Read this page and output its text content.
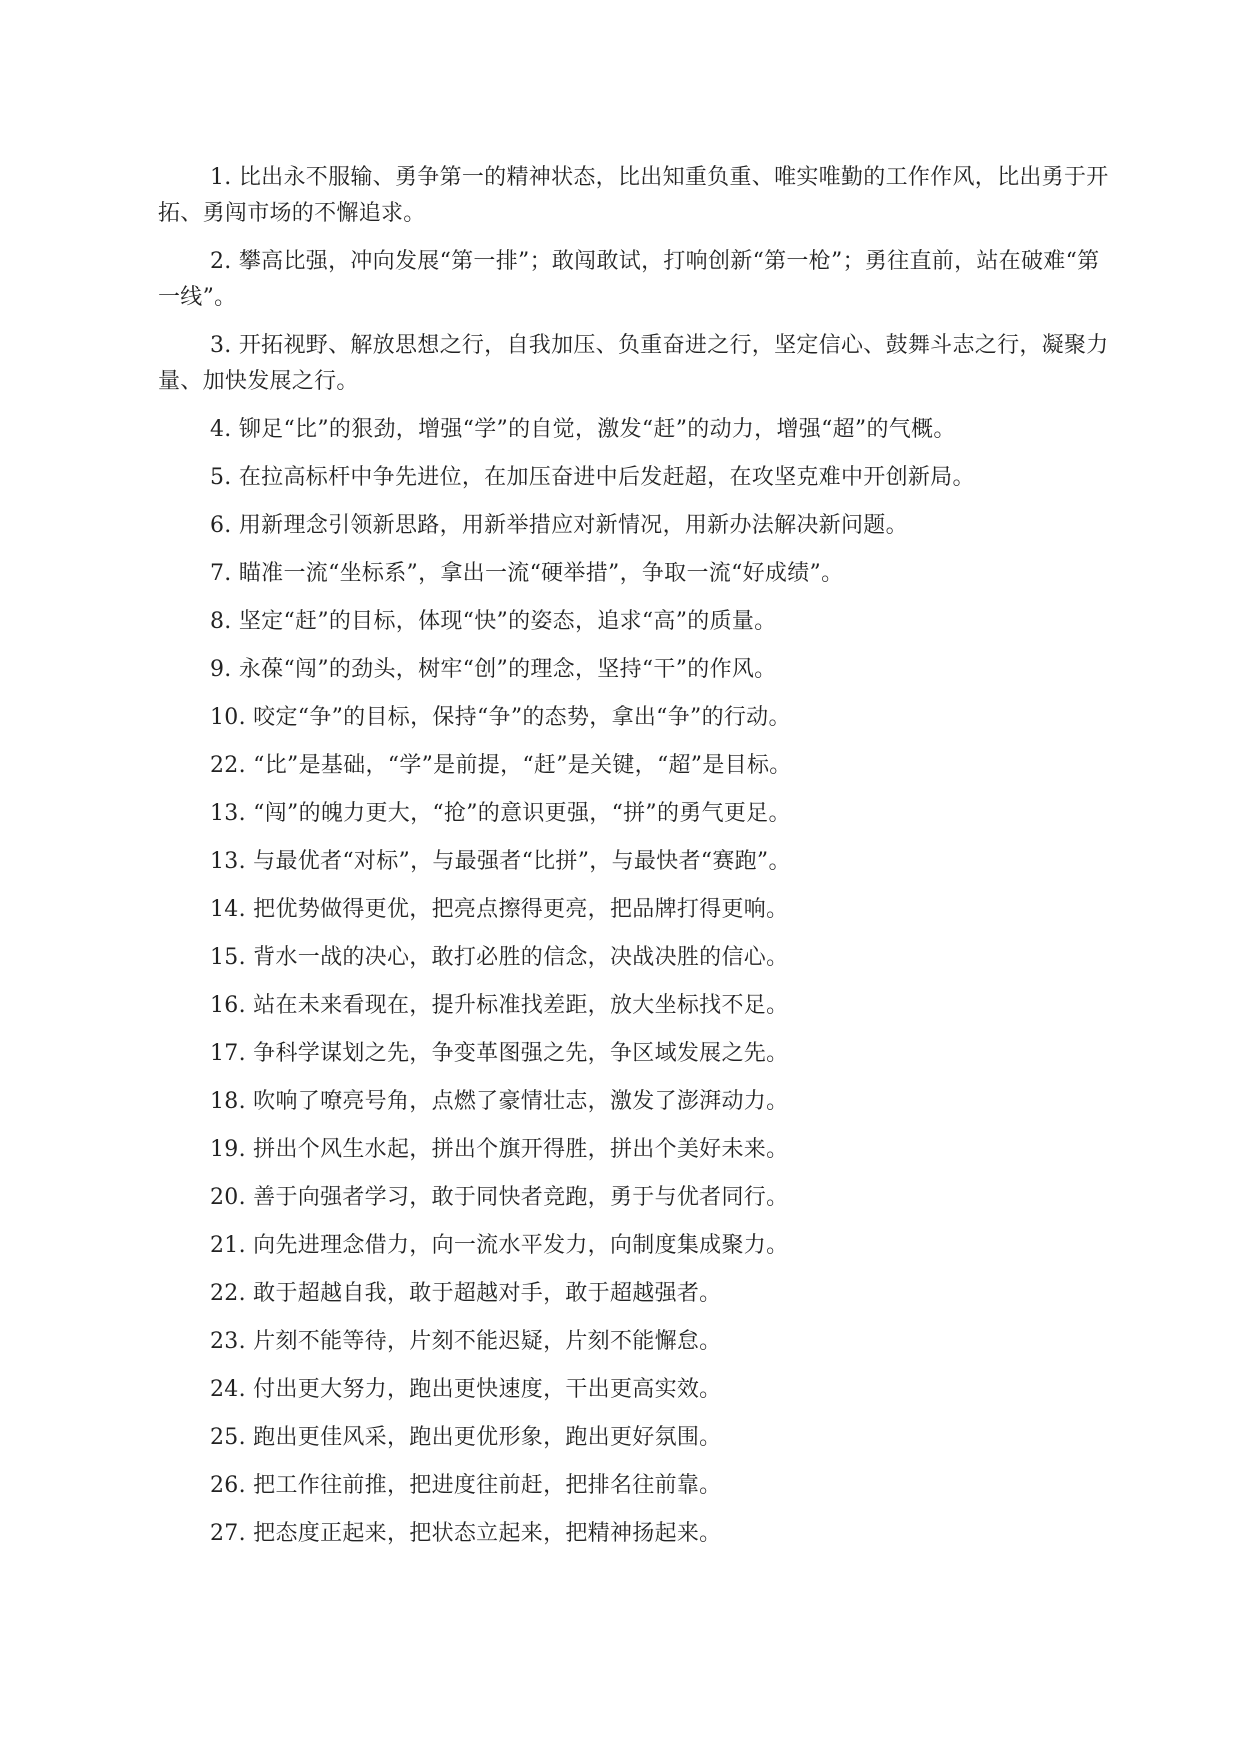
1. 比出永不服输、勇争第一的精神状态，比出知重负重、唯实唯勤的工作作风，比出勇于开拓、勇闯市场的不懈追求。

2. 攀高比强，冲向发展“第一排”；敢闯敢试，打响创新“第一枪”；勇往直前，站在破难“第一线”。

3. 开拓视野、解放思想之行，自我加压、负重奋进之行，坚定信心、鼓舞斗志之行，凝聚力量、加快发展之行。

4. 铆足“比”的狠劲，增强“学”的自觉，激发“赶”的动力，增强“超”的气概。

5. 在拉高标杆中争先进位，在加压奋进中后发赶超，在攻坚克难中开创新局。

6. 用新理念引领新思路，用新举措应对新情况，用新办法解决新问题。

7. 瞄准一流“坐标系”，拿出一流“硬举措”，争取一流“好成绩”。

8. 坚定“赶”的目标，体现“快”的姿态，追求“高”的质量。

9. 永葆“闯”的劲头，树牢“创”的理念，坚持“干”的作风。

10. 咬定“争”的目标，保持“争”的态势，拿出“争”的行动。

22. “比”是基础，“学”是前提，“赶”是关键，“超”是目标。

13. “闯”的魄力更大，“抢”的意识更强，“拼”的勇气更足。

13. 与最优者“对标”，与最强者“比拼”，与最快者“赛跑”。

14. 把优势做得更优，把亮点擦得更亮，把品牌打得更响。

15. 背水一战的决心，敢打必胜的信念，决战决胜的信心。

16. 站在未来看现在，提升标准找差距，放大坐标找不足。

17. 争科学谋划之先，争变革图强之先，争区域发展之先。

18. 吹响了嘹亮号角，点燃了豪情壮志，激发了澎湃动力。

19. 拼出个风生水起，拼出个旗开得胜，拼出个美好未来。

20. 善于向强者学习，敢于同快者竞跑，勇于与优者同行。

21. 向先进理念借力，向一流水平发力，向制度集成聚力。

22. 敢于超越自我，敢于超越对手，敢于超越强者。

23. 片刻不能等待，片刻不能迟疑，片刻不能懈怠。

24. 付出更大努力，跑出更快速度，干出更高实效。

25. 跑出更佳风采，跑出更优形象，跑出更好氛围。

26. 把工作往前推，把进度往前赶，把排名往前靠。

27. 把态度正起来，把状态立起来，把精神扬起来。
